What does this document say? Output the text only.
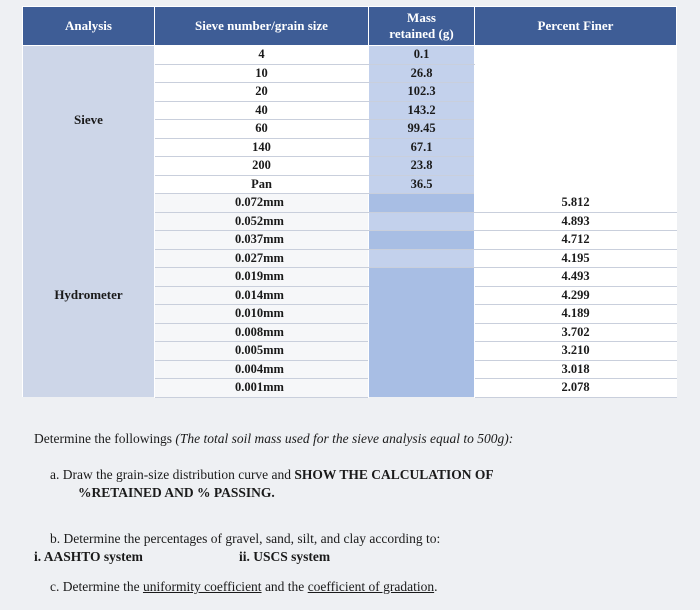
Analysis	Sieve number/grain size	Mass
retained (g)	Percent Finer

Sieve	4	0.1	
	10	26.8	
	20	102.3	
	40	143.2	
	60	99.45	
	140	67.1	
	200	23.8	
	Pan	36.5	

Hydrometer	0.072mm		5.812
	0.052mm		4.893
	0.037mm		4.712
	0.027mm		4.195
	0.019mm		4.493
	0.014mm		4.299
	0.010mm		4.189
	0.008mm		3.702
	0.005mm		3.210
	0.004mm		3.018
	0.001mm		2.078

Determine the followings (The total soil mass used for the sieve analysis equal to 500g):

a. Draw the grain-size distribution curve and SHOW THE CALCULATION OF
%RETAINED AND % PASSING.
b. Determine the percentages of gravel, sand, silt, and clay according to:
i. AASHTO system	ii. USCS system
c. Determine the uniformity coefficient and the coefficient of gradation.
